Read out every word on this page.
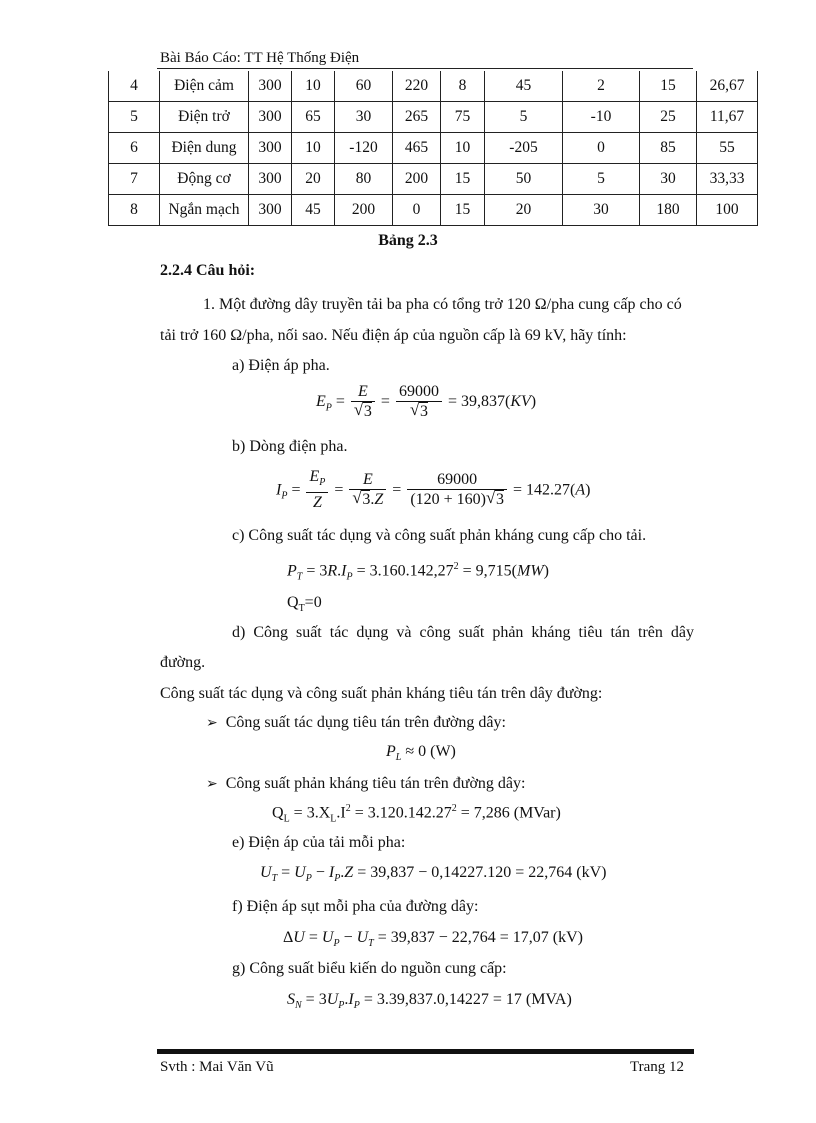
Bài Báo Cáo: TT Hệ Thống Điện
4	Điện cảm	300	10	60	220	8	45	2	15	26,67
5	Điện trở	300	65	30	265	75	5	-10	25	11,67
6	Điện dung	300	10	-120	465	10	-205	0	85	55
7	Động cơ	300	20	80	200	15	50	5	30	33,33
8	Ngắn mạch	300	45	200	0	15	20	30	180	100
Bảng 2.3
2.2.4 Câu hỏi:
1. Một đường dây truyền tải ba pha có tổng trở 120 Ω/pha cung cấp cho có
tải trở 160 Ω/pha, nối sao. Nếu điện áp của nguồn cấp là 69 kV, hãy tính:
a) Điện áp pha.
$E_P = \frac{E}{√ 3} = \frac{69000}{√ 3} = 39,837(KV)$
b) Dòng điện pha.
$I_P = \frac{E_P}{Z} = \frac{E}{√ 3.Z} = \frac{69000}{(120 + 160) √ 3} = 142.27(A)$
c) Công suất tác dụng và công suất phản kháng cung cấp cho tải.
$P_T = 3R.I_P = 3.160.142,27^2 = 9,715(MW)$
$Q_T=0$
d) Công suất tác dụng và công suất phản kháng tiêu tán trên dây
đường.
Công suất tác dụng và công suất phản kháng tiêu tán trên dây đường:
➢ Công suất tác dụng tiêu tán trên đường dây:
$P_L \approx 0$ (W)
➢ Công suất phản kháng tiêu tán trên đường dây:
$Q_L = 3.X_L.I^2 = 3.120.142.27^2 = 7,286$ (MVar)
e) Điện áp của tải mỗi pha:
$U_T = U_P - I_P.Z = 39,837 - 0,14227.120 = 22,764$ (kV)
f) Điện áp sụt mỗi pha của đường dây:
$\Delta U = U_P - U_T = 39,837 - 22,764 = 17,07$ (kV)
g) Công suất biểu kiến do nguồn cung cấp:
$S_N = 3U_P.I_P = 3.39,837.0,14227 = 17$ (MVA)
Svth : Mai Văn Vũ	Trang 12
